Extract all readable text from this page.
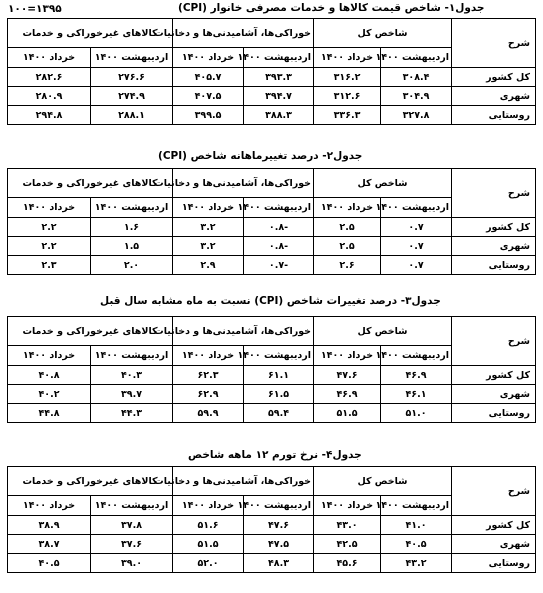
۱۳۹۵=۱۰۰	جدول۱- شاخص قیمت کالاها و خدمات مصرفی خانوار (CPI)
شرح	شاخص کل		خوراکی‌ها، آشامیدنی‌ها و دخانیات		کالاهای غیرخوراکی و خدمات	
	اردیبهشت ۱۴۰۰	خرداد ۱۴۰۰	اردیبهشت ۱۴۰۰	خرداد ۱۴۰۰	اردیبهشت ۱۴۰۰	خرداد ۱۴۰۰
کل کشور	۳۰۸.۴	۳۱۶.۲	۳۹۳.۳	۴۰۵.۷	۲۷۶.۶	۲۸۲.۶
شهری	۳۰۴.۹	۳۱۲.۶	۳۹۴.۷	۴۰۷.۵	۲۷۴.۹	۲۸۰.۹
روستایی	۳۲۷.۸	۳۳۶.۳	۳۸۸.۳	۳۹۹.۵	۲۸۸.۱	۲۹۴.۸
جدول۲- درصد تغییرماهانه شاخص (CPI)
شرح	شاخص کل		خوراکی‌ها، آشامیدنی‌ها و دخانیات		کالاهای غیرخوراکی و خدمات	
	اردیبهشت ۱۴۰۰	خرداد ۱۴۰۰	اردیبهشت ۱۴۰۰	خرداد ۱۴۰۰	اردیبهشت ۱۴۰۰	خرداد ۱۴۰۰
کل کشور	۰.۷	۲.۵	-۰.۸	۳.۲	۱.۶	۲.۲
شهری	۰.۷	۲.۵	-۰.۸	۳.۲	۱.۵	۲.۲
روستایی	۰.۷	۲.۶	-۰.۷	۲.۹	۲.۰	۲.۳
جدول۳- درصد تغییرات شاخص (CPI) نسبت به ماه مشابه سال قبل
شرح	شاخص کل		خوراکی‌ها، آشامیدنی‌ها و دخانیات		کالاهای غیرخوراکی و خدمات	
	اردیبهشت ۱۴۰۰	خرداد ۱۴۰۰	اردیبهشت ۱۴۰۰	خرداد ۱۴۰۰	اردیبهشت ۱۴۰۰	خرداد ۱۴۰۰
کل کشور	۴۶.۹	۴۷.۶	۶۱.۱	۶۲.۳	۴۰.۳	۴۰.۸
شهری	۴۶.۱	۴۶.۹	۶۱.۵	۶۲.۹	۳۹.۷	۴۰.۲
روستایی	۵۱.۰	۵۱.۵	۵۹.۴	۵۹.۹	۴۴.۳	۴۴.۸
جدول۴- نرخ تورم ۱۲ ماهه شاخص
شرح	شاخص کل		خوراکی‌ها، آشامیدنی‌ها و دخانیات		کالاهای غیرخوراکی و خدمات	
	اردیبهشت ۱۴۰۰	خرداد ۱۴۰۰	اردیبهشت ۱۴۰۰	خرداد ۱۴۰۰	اردیبهشت ۱۴۰۰	خرداد ۱۴۰۰
کل کشور	۴۱.۰	۴۳.۰	۴۷.۶	۵۱.۶	۳۷.۸	۳۸.۹
شهری	۴۰.۵	۴۲.۵	۴۷.۵	۵۱.۵	۳۷.۶	۳۸.۷
روستایی	۴۳.۲	۴۵.۶	۴۸.۳	۵۲.۰	۳۹.۰	۴۰.۵
